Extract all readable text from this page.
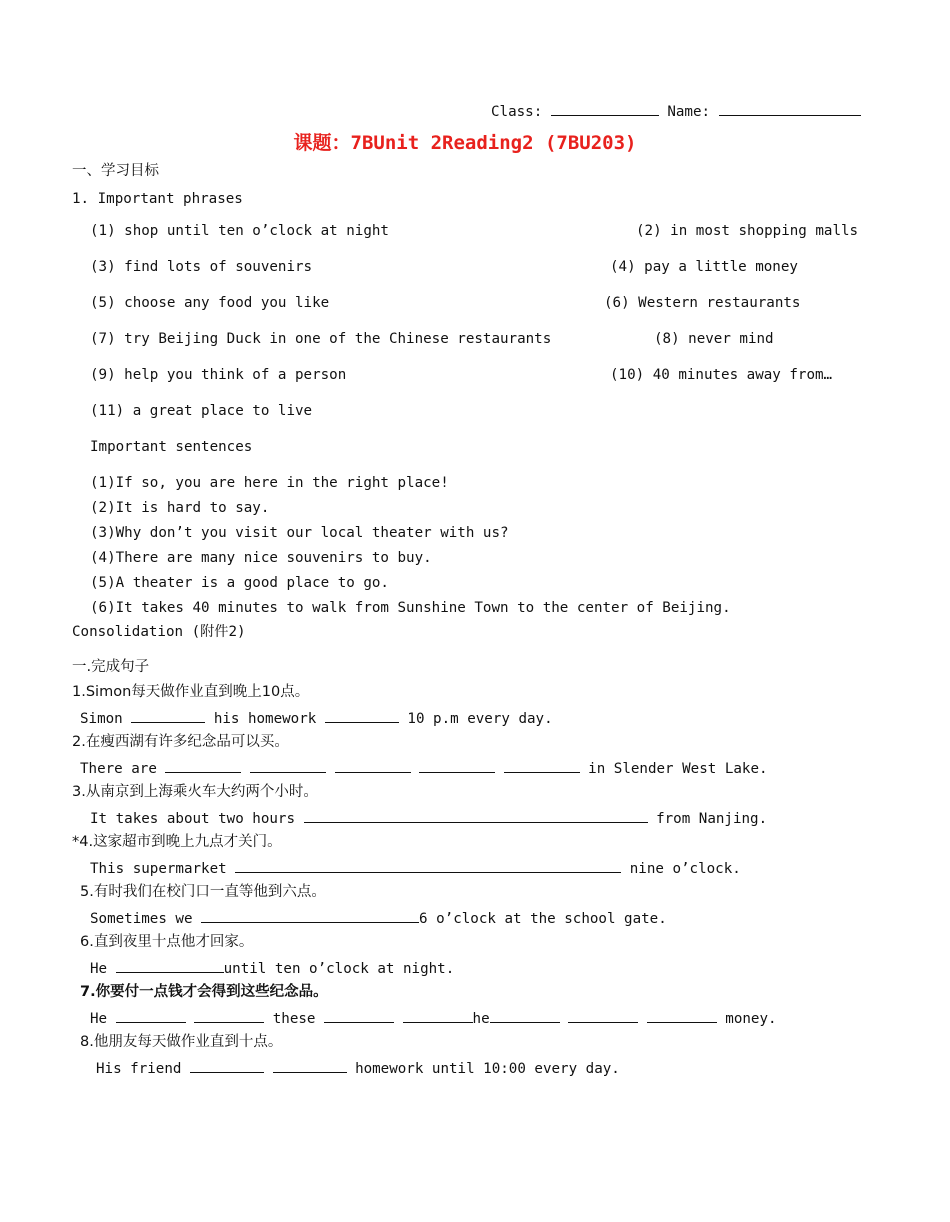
Class:	Name:
课题：7BUnit 2Reading2 (7BU203)
一、学习目标
1. Important phrases
(1) shop until ten o’clock at night	(2) in most shopping malls
(3) find lots of souvenirs	(4) pay a little money
(5) choose any food you like	(6) Western restaurants
(7) try Beijing Duck in one of the Chinese restaurants	(8) never mind
(9) help you think of a person	(10) 40 minutes away from…
(11) a great place to live
Important sentences
(1)If so, you are here in the right place!
(2)It is hard to say.
(3)Why don’t you visit our local theater with us?
(4)There are many nice souvenirs to buy.
(5)A theater is a good place to go.
(6)It takes 40 minutes to walk from Sunshine Town to the center of Beijing.
Consolidation (附件2)
一.完成句子
1.Simon每天做作业直到晚上10点。
Simon	his homework	10 p.m every day.
2.在瘦西湖有许多纪念品可以买。
There are	in Slender West Lake.
3.从南京到上海乘火车大约两个小时。
It takes about two hours	from Nanjing.
*4.这家超市到晚上九点才关门。
This supermarket	nine o’clock.
5.有时我们在校门口一直等他到六点。
Sometimes we	6 o’clock at the school gate.
6.直到夜里十点他才回家。
He	until ten o’clock at night.
7.你要付一点钱才会得到这些纪念品。
He	these	he	money.
8.他朋友每天做作业直到十点。
His friend	homework until 10:00 every day.
